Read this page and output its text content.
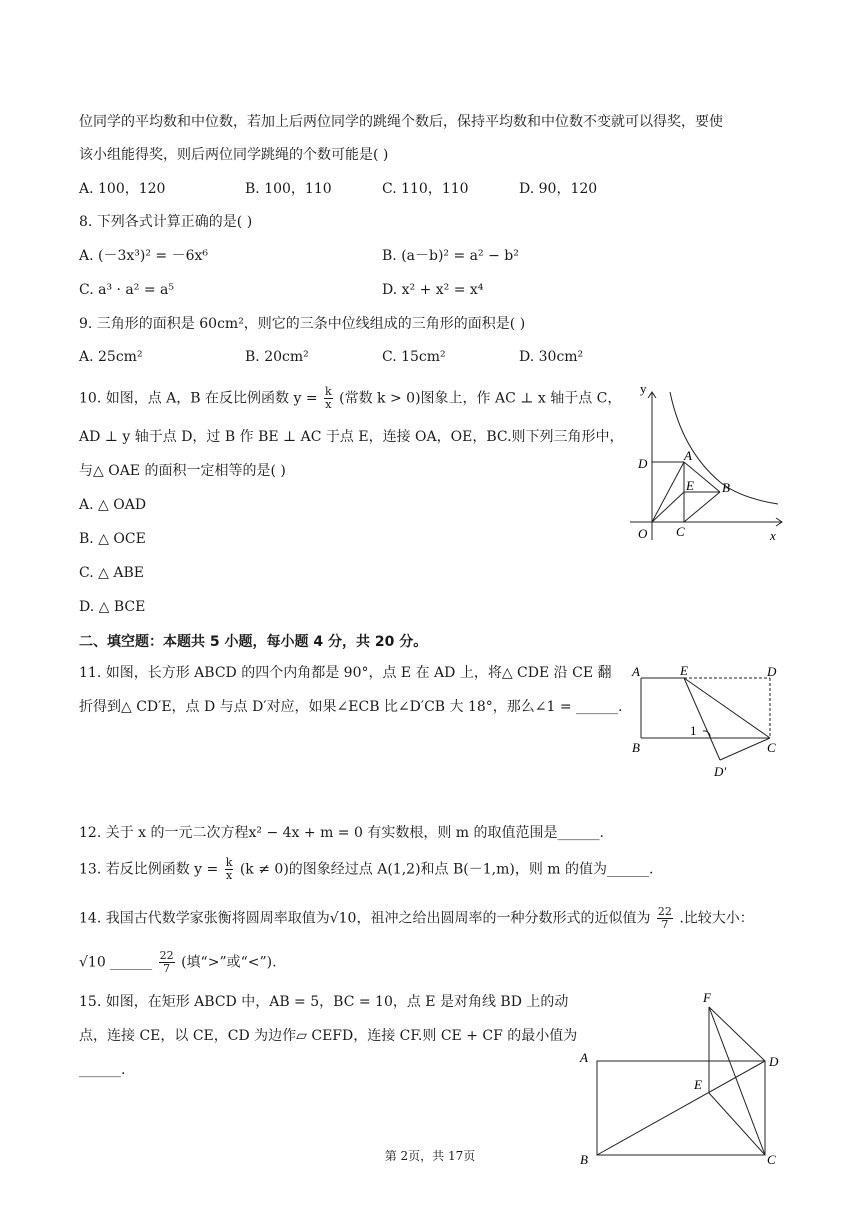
位同学的平均数和中位数，若加上后两位同学的跳绳个数后，保持平均数和中位数不变就可以得奖，要使
该小组能得奖，则后两位同学跳绳的个数可能是( )
A. 100，120	B. 100，110	C. 110，110	D. 90，120
8. 下列各式计算正确的是( )
A. (－3x³)² = －6x⁶	B. (a－b)² = a² − b²
C. a³ · a² = a⁵	D. x² + x² = x⁴
9. 三角形的面积是 60cm²，则它的三条中位线组成的三角形的面积是( )
A. 25cm²	B. 20cm²	C. 15cm²	D. 30cm²
10. 如图，点 A，B 在反比例函数 $y = \frac{k}{x}$ (常数 k > 0)图象上，作 AC ⊥ x 轴于点 C，
AD ⊥ y 轴于点 D，过 B 作 BE ⊥ AC 于点 E，连接 OA，OE，BC.则下列三角形中，
与△ OAE 的面积一定相等的是( )
A. △ OAD
B. △ OCE
C. △ ABE
D. △ BCE
y
x
O C
D
A
E B
二、填空题：本题共 5 小题，每小题 4 分，共 20 分。
11. 如图，长方形 ABCD 的四个内角都是 90°，点 E 在 AD 上，将△ CDE 沿 CE 翻
折得到△ CD′E，点 D 与点 D′对应，如果∠ECB 比∠D′CB 大 18°，那么∠1 = ______.
A	E	D
B	C
D′
1
12. 关于 x 的一元二次方程x² − 4x + m = 0 有实数根，则 m 的取值范围是______.
13. 若反比例函数 $y = \frac{k}{x} (k \ne 0)$的图象经过点 A(1,2)和点 B(－1,m)，则 m 的值为______.
14. 我国古代数学家张衡将圆周率取值为√10，祖冲之给出圆周率的一种分数形式的近似值为 $\frac{22}{7}$ .比较大小：
√10 ______ $\frac{22}{7}$ (填“>”或“<”).
15. 如图，在矩形 ABCD 中，AB = 5，BC = 10，点 E 是对角线 BD 上的动
点，连接 CE，以 CE，CD 为边作▱ CEFD，连接 CF.则 CE + CF 的最小值为
______.
F
A	D
E
B	C
第 2页，共 17页
